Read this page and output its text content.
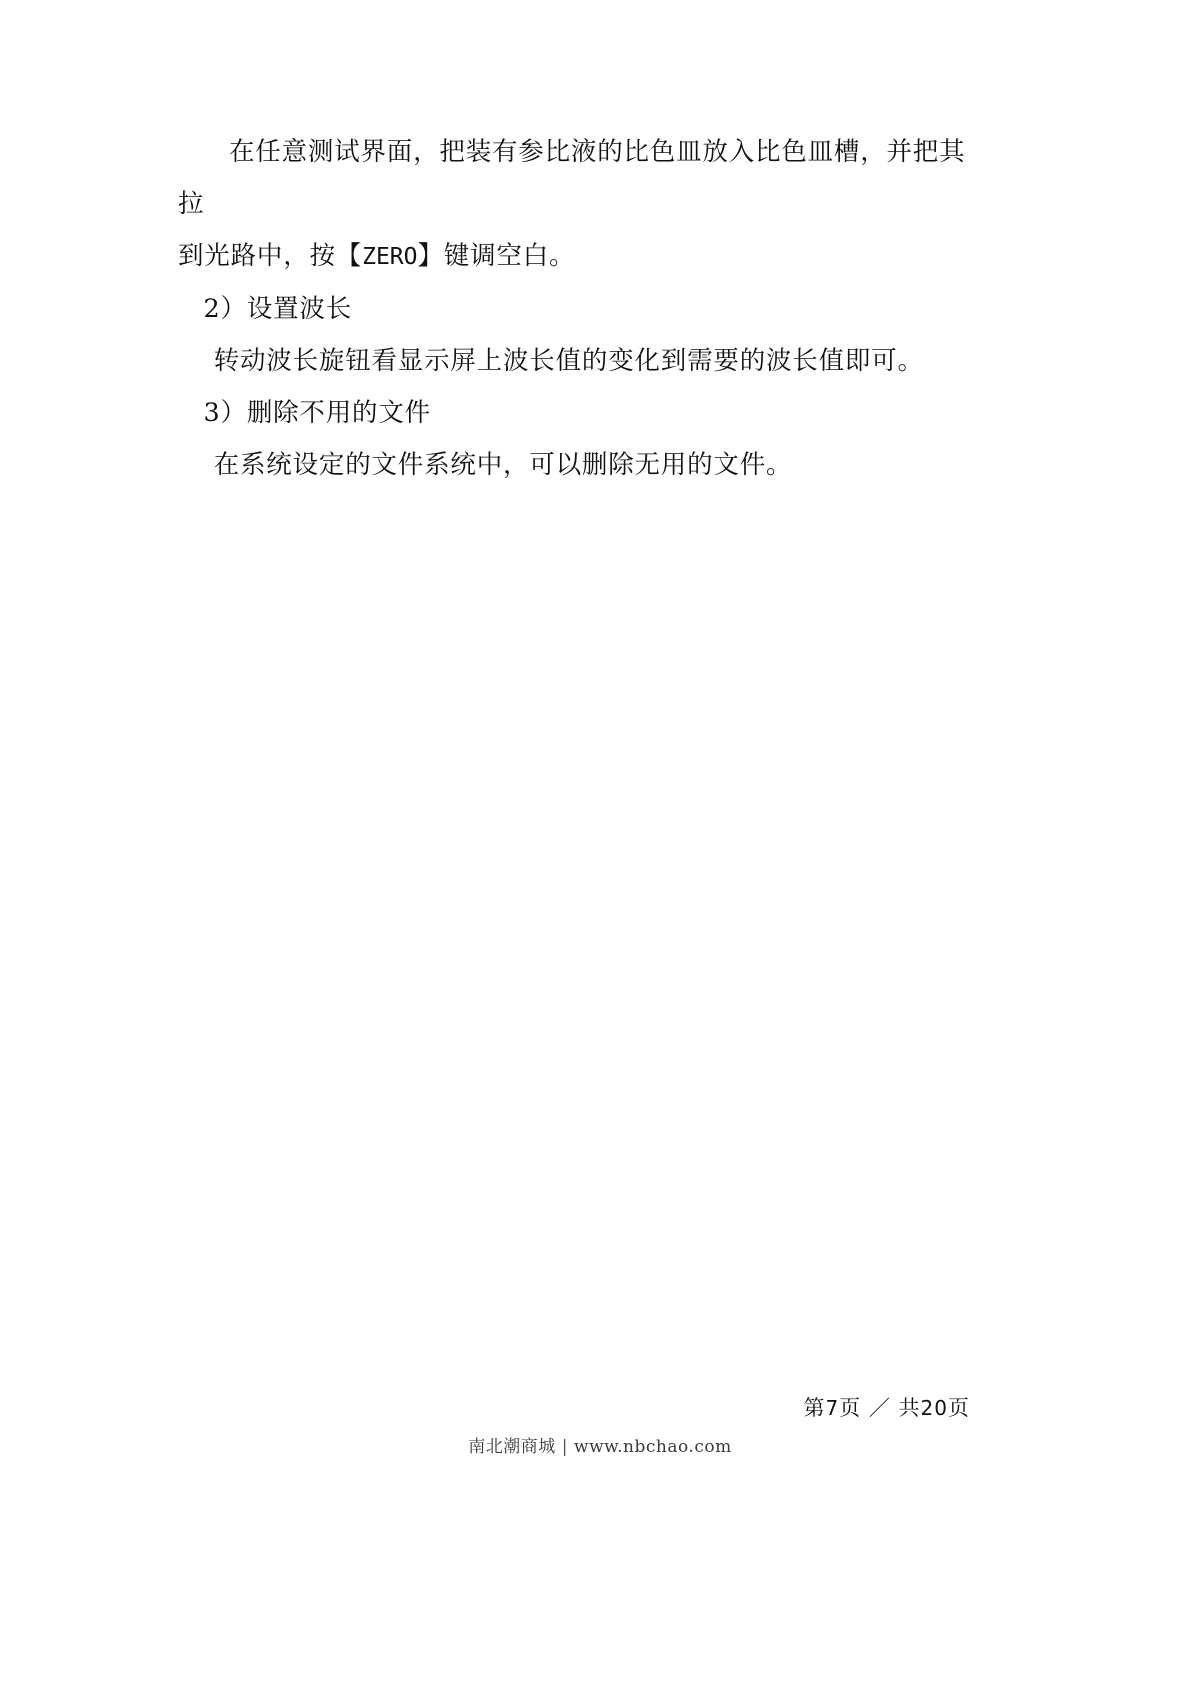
在任意测试界面，把装有参比液的比色皿放入比色皿槽，并把其拉

到光路中，按【ZERO】键调空白。

2）设置波长

转动波长旋钮看显示屏上波长值的变化到需要的波长值即可。

3）删除不用的文件

在系统设定的文件系统中，可以删除无用的文件。

第7页 ／ 共20页
南北潮商城 | www.nbchao.com
